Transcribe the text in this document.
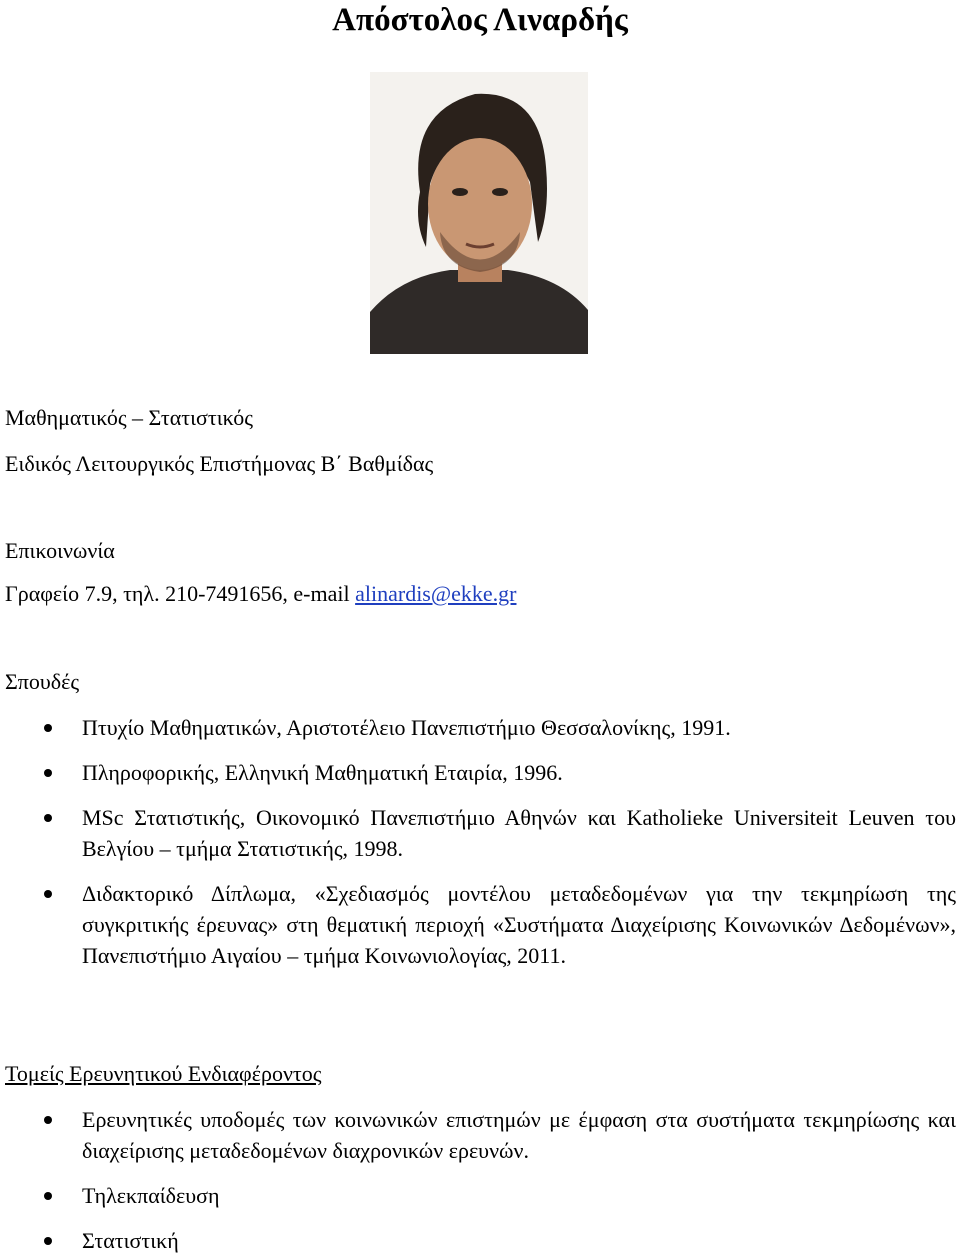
Απόστολος Λιναρδής
Μαθηματικός – Στατιστικός
Ειδικός Λειτουργικός Επιστήμονας Β΄ Βαθμίδας
Επικοινωνία
Γραφείο 7.9, τηλ. 210-7491656, e-mail alinardis@ekke.gr
Σπουδές
Πτυχίο Μαθηματικών, Αριστοτέλειο Πανεπιστήμιο Θεσσαλονίκης, 1991.
Πληροφορικής, Ελληνική Μαθηματική Εταιρία, 1996.
MSc Στατιστικής, Οικονομικό Πανεπιστήμιο Αθηνών και Katholieke Universiteit Leuven του Βελγίου – τμήμα Στατιστικής, 1998.
Διδακτορικό Δίπλωμα, «Σχεδιασμός μοντέλου μεταδεδομένων για την τεκμηρίωση της συγκριτικής έρευνας» στη θεματική περιοχή «Συστήματα Διαχείρισης Κοινωνικών Δεδομένων», Πανεπιστήμιο Αιγαίου – τμήμα Κοινωνιολογίας, 2011.
Τομείς Ερευνητικού Ενδιαφέροντος
Ερευνητικές υποδομές των κοινωνικών επιστημών με έμφαση στα συστήματα τεκμηρίωσης και διαχείρισης μεταδεδομένων διαχρονικών ερευνών.
Τηλεκπαίδευση
Στατιστική
